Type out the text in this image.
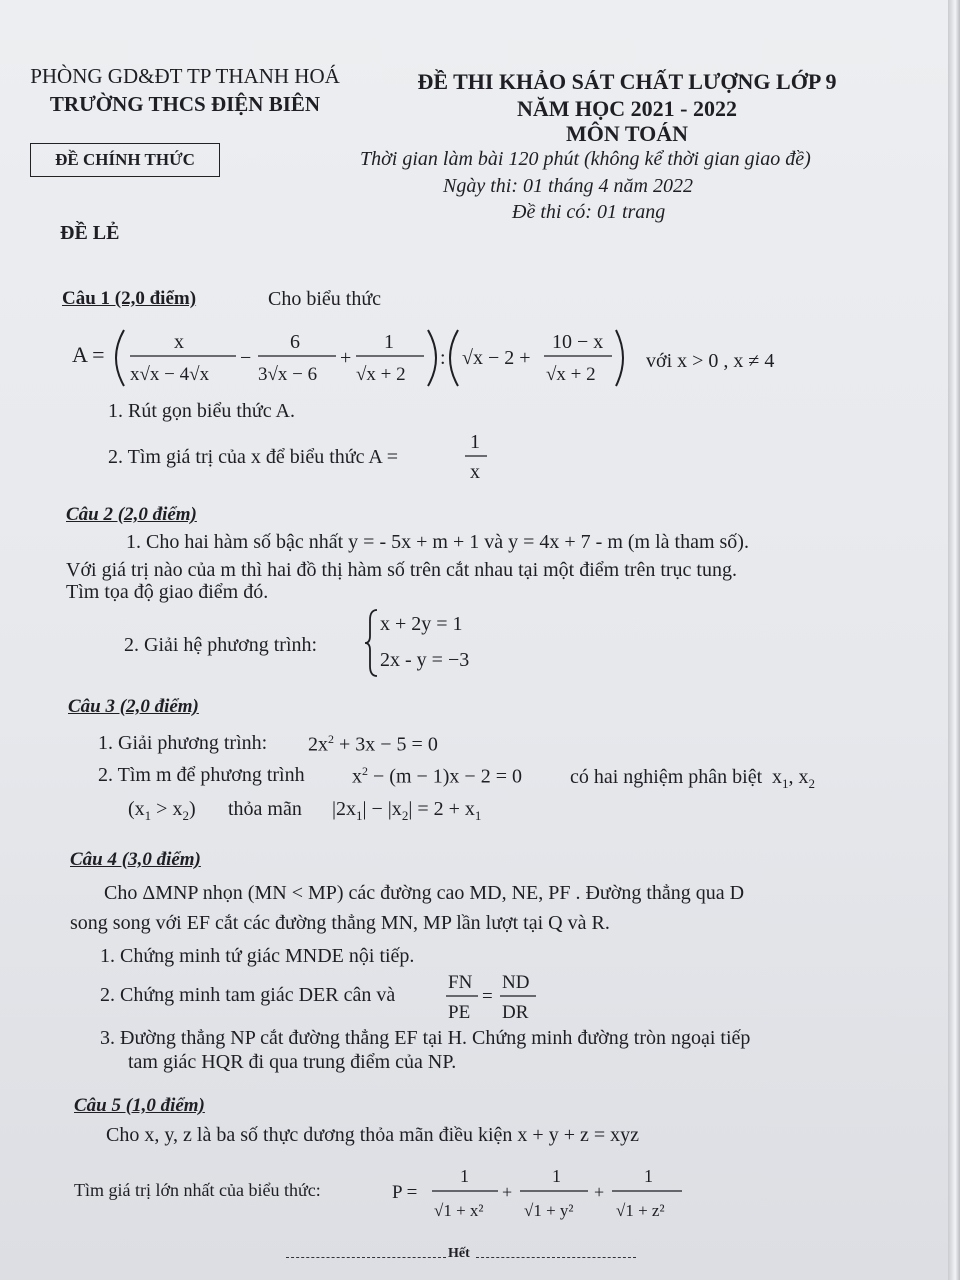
PHÒNG GD&ĐT TP THANH HOÁ
TRƯỜNG THCS ĐIỆN BIÊN
ĐỀ THI KHẢO SÁT CHẤT LƯỢNG LỚP 9
NĂM HỌC 2021 - 2022
MÔN TOÁN
Thời gian làm bài 120 phút (không kể thời gian giao đề)
Ngày thi: 01 tháng 4 năm 2022
Đề thi có: 01 trang
ĐỀ CHÍNH THỨC
ĐỀ LẺ
Câu 1 (2,0 điểm)	Cho biểu thức
A =	x
x√x − 4√x
−
6
3√x − 6
+
1
√x + 2
: √x − 2 +
10 − x
√x + 2
với x > 0 , x ≠ 4
1. Rút gọn biểu thức A.
2. Tìm giá trị của x để biểu thức A =
1
x
Câu 2 (2,0 điểm)
1. Cho hai hàm số bậc nhất y = - 5x + m + 1 và y = 4x + 7 - m (m là tham số).
Với giá trị nào của m thì hai đồ thị hàm số trên cắt nhau tại một điểm trên trục tung.
Tìm tọa độ giao điểm đó.
2. Giải hệ phương trình:
x + 2y = 1
2x - y = −3
Câu 3 (2,0 điểm)
1. Giải phương trình: $2x^2 + 3x - 5 = 0$
2. Tìm m để phương trình $x^2 - (m - 1)x - 2 = 0$ có hai nghiệm phân biệt $x_1$, $x_2$
$(x_1 > x_2)$ thỏa mãn $|2x_1| - |x_2| = 2 + x_1$
Câu 4 (3,0 điểm)
Cho ΔMNP nhọn (MN < MP) các đường cao MD, NE, PF . Đường thẳng qua D
song song với EF cắt các đường thẳng MN, MP lần lượt tại Q và R.
1. Chứng minh tứ giác MNDE nội tiếp.
2. Chứng minh tam giác DER cân và
FN
PE
=
ND
DR
3. Đường thẳng NP cắt đường thẳng EF tại H. Chứng minh đường tròn ngoại tiếp
tam giác HQR đi qua trung điểm của NP.
Câu 5 (1,0 điểm)
Cho x, y, z là ba số thực dương thỏa mãn điều kiện x + y + z = xyz
Tìm giá trị lớn nhất của biểu thức:	P =
1
√1 + x²
+
1
√1 + y²
+
1
√1 + z²
Hết
